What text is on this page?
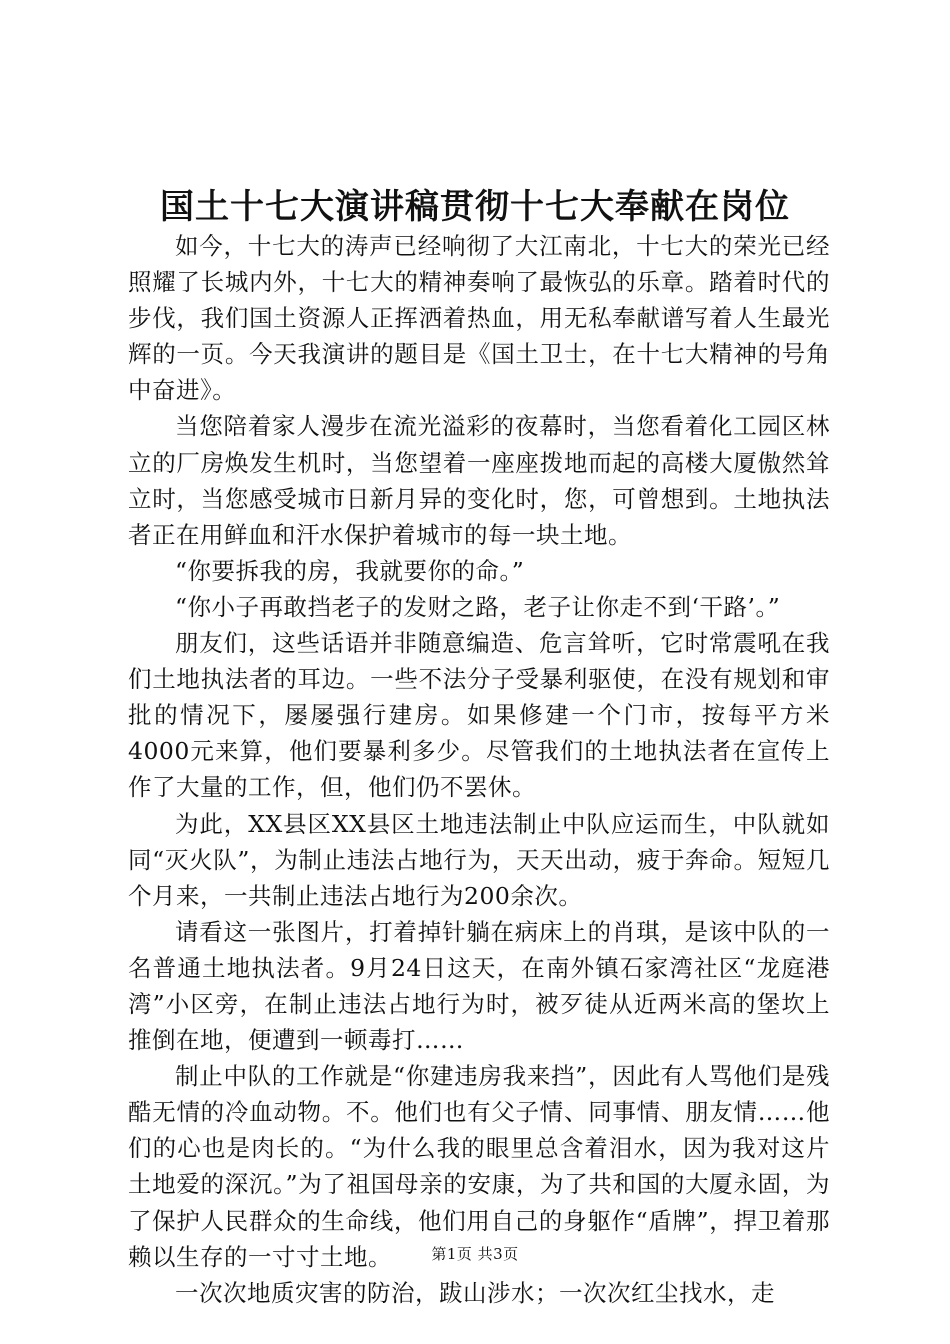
国土十七大演讲稿贯彻十七大奉献在岗位

如今，十七大的涛声已经响彻了大江南北，十七大的荣光已经照耀了长城内外，十七大的精神奏响了最恢弘的乐章。踏着时代的步伐，我们国土资源人正挥洒着热血，用无私奉献谱写着人生最光辉的一页。今天我演讲的题目是《国土卫士，在十七大精神的号角中奋进》。

当您陪着家人漫步在流光溢彩的夜幕时，当您看着化工园区林立的厂房焕发生机时，当您望着一座座拨地而起的高楼大厦傲然耸立时，当您感受城市日新月异的变化时，您，可曾想到。土地执法者正在用鲜血和汗水保护着城市的每一块土地。

“你要拆我的房，我就要你的命。”

“你小子再敢挡老子的发财之路，老子让你走不到‘干路’。”

朋友们，这些话语并非随意编造、危言耸听，它时常震吼在我们土地执法者的耳边。一些不法分子受暴利驱使，在没有规划和审批的情况下，屡屡强行建房。如果修建一个门市，按每平方米4000元来算，他们要暴利多少。尽管我们的土地执法者在宣传上作了大量的工作，但，他们仍不罢休。

为此，XX县区XX县区土地违法制止中队应运而生，中队就如同“灭火队”，为制止违法占地行为，天天出动，疲于奔命。短短几个月来，一共制止违法占地行为200余次。

请看这一张图片，打着掉针躺在病床上的肖琪，是该中队的一名普通土地执法者。9月24日这天，在南外镇石家湾社区“龙庭港湾”小区旁，在制止违法占地行为时，被歹徒从近两米高的堡坎上推倒在地，便遭到一顿毒打……

制止中队的工作就是“你建违房我来挡”，因此有人骂他们是残酷无情的冷血动物。不。他们也有父子情、同事情、朋友情……他们的心也是肉长的。“为什么我的眼里总含着泪水，因为我对这片土地爱的深沉。”为了祖国母亲的安康，为了共和国的大厦永固，为了保护人民群众的生命线，他们用自己的身躯作“盾牌”，捍卫着那赖以生存的一寸寸土地。

一次次地质灾害的防治，跋山涉水；一次次红尘找水，走

第1页 共3页
